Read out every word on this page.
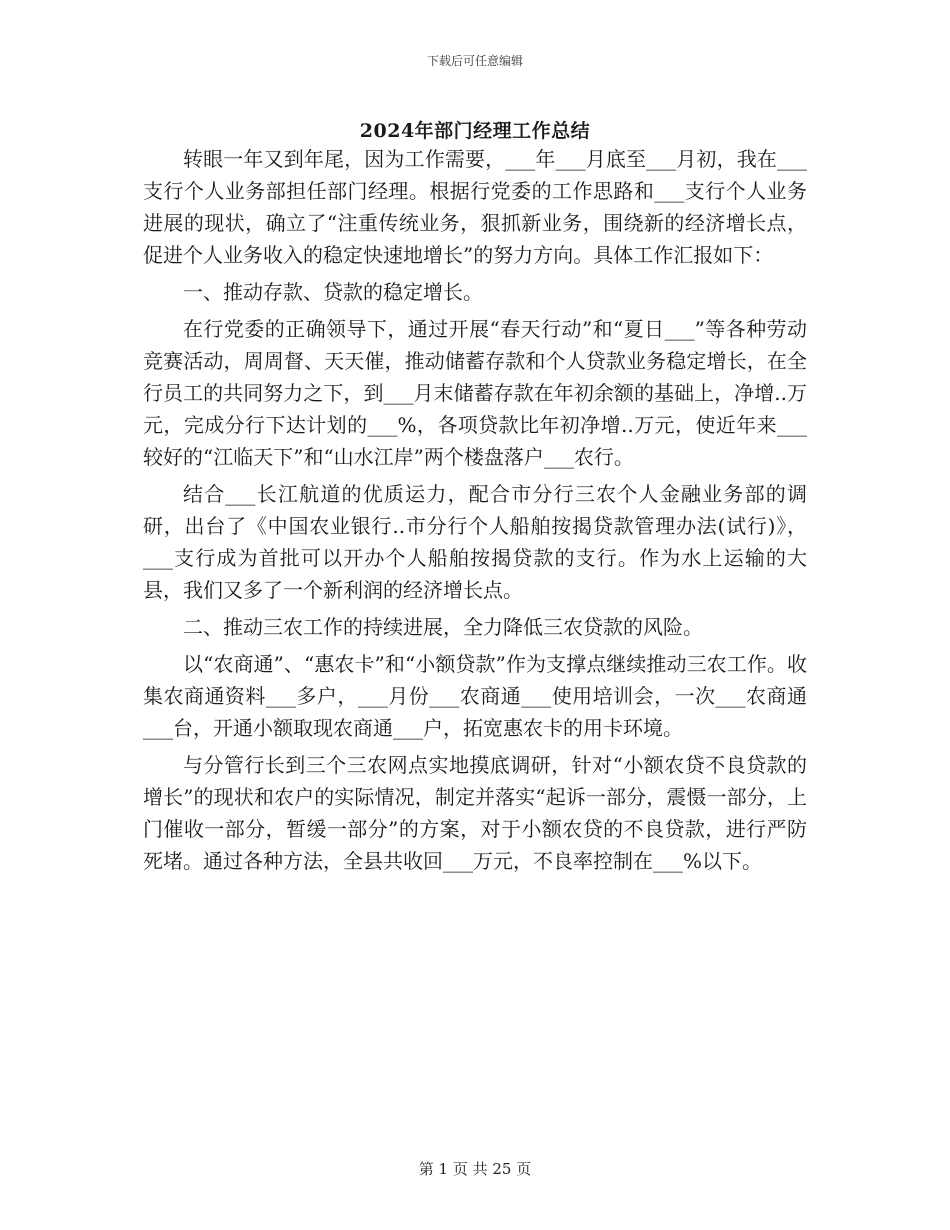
下载后可任意编辑
2024年部门经理工作总结

转眼一年又到年尾，因为工作需要，___年___月底至___月初，我在___支行个人业务部担任部门经理。根据行党委的工作思路和___支行个人业务进展的现状，确立了“注重传统业务，狠抓新业务，围绕新的经济增长点，促进个人业务收入的稳定快速地增长”的努力方向。具体工作汇报如下：

一、推动存款、贷款的稳定增长。

在行党委的正确领导下，通过开展“春天行动”和“夏日___”等各种劳动竞赛活动，周周督、天天催，推动储蓄存款和个人贷款业务稳定增长，在全行员工的共同努力之下，到___月末储蓄存款在年初余额的基础上，净增..万元，完成分行下达计划的___%，各项贷款比年初净增..万元，使近年来___较好的“江临天下”和“山水江岸”两个楼盘落户___农行。

结合___长江航道的优质运力，配合市分行三农个人金融业务部的调研，出台了《中国农业银行..市分行个人船舶按揭贷款管理办法(试行)》，___支行成为首批可以开办个人船舶按揭贷款的支行。作为水上运输的大县，我们又多了一个新利润的经济增长点。

二、推动三农工作的持续进展，全力降低三农贷款的风险。

以“农商通”、“惠农卡”和“小额贷款”作为支撑点继续推动三农工作。收集农商通资料___多户，___月份___农商通___使用培训会，一次___农商通___台，开通小额取现农商通___户，拓宽惠农卡的用卡环境。

与分管行长到三个三农网点实地摸底调研，针对“小额农贷不良贷款的增长”的现状和农户的实际情况，制定并落实“起诉一部分，震慑一部分，上门催收一部分，暂缓一部分”的方案，对于小额农贷的不良贷款，进行严防死堵。通过各种方法，全县共收回___万元，不良率控制在___%以下。

第 1 页 共 25 页
